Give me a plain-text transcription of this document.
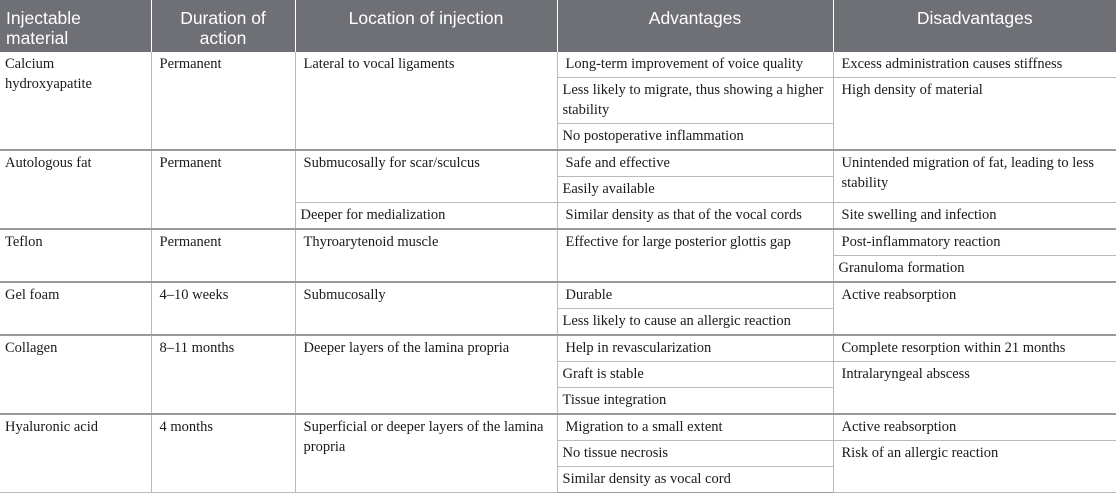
Injectable material	Duration of action	Location of injection	Advantages	Disadvantages
Calcium hydroxyapatite	Permanent	Lateral to vocal ligaments	Long-term improvement of voice quality	Excess administration causes stiffness
			Less likely to migrate, thus showing a higher stability	High density of material
			No postoperative inflammation	
Autologous fat	Permanent	Submucosally for scar/sculcus	Safe and effective	Unintended migration of fat, leading to less stability
			Easily available	
		Deeper for medialization	Similar density as that of the vocal cords	Site swelling and infection
Teflon	Permanent	Thyroarytenoid muscle	Effective for large posterior glottis gap	Post-inflammatory reaction
				Granuloma formation
Gel foam	4–10 weeks	Submucosally	Durable	Active reabsorption
			Less likely to cause an allergic reaction	
Collagen	8–11 months	Deeper layers of the lamina propria	Help in revascularization	Complete resorption within 21 months
			Graft is stable	Intralaryngeal abscess
			Tissue integration	
Hyaluronic acid	4 months	Superficial or deeper layers of the lamina propria	Migration to a small extent	Active reabsorption
			No tissue necrosis	Risk of an allergic reaction
			Similar density as vocal cord	
